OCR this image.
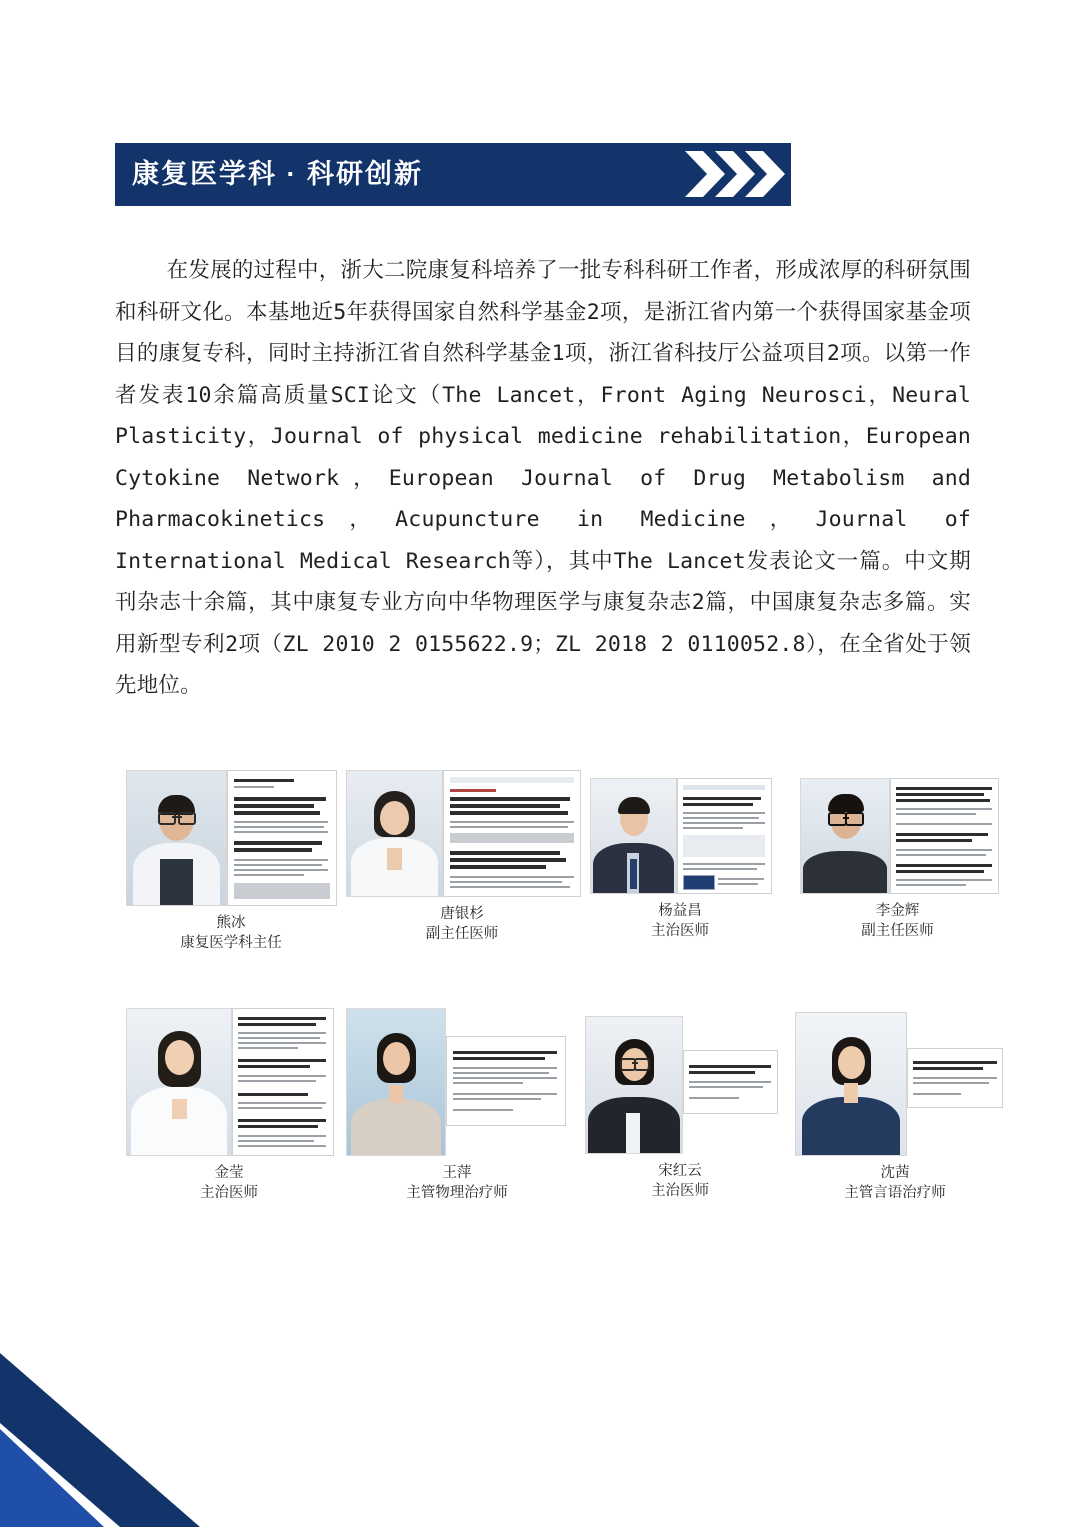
康复医学科 · 科研创新
在发展的过程中，浙大二院康复科培养了一批专科科研工作者，形成浓厚的科研氛围和科研文化。本基地近5年获得国家自然科学基金2项，是浙江省内第一个获得国家基金项目的康复专科，同时主持浙江省自然科学基金1项，浙江省科技厅公益项目2项。以第一作者发表10余篇高质量SCI论文（The Lancet，Front Aging Neurosci，Neural Plasticity，Journal of physical medicine rehabilitation，European Cytokine Network，European Journal of Drug Metabolism and Pharmacokinetics，Acupuncture in Medicine，Journal of International Medical Research等），其中The Lancet发表论文一篇。中文期刊杂志十余篇，其中康复专业方向中华物理医学与康复杂志2篇，中国康复杂志多篇。实用新型专利2项（ZL 2010 2 0155622.9；ZL 2018 2 0110052.8），在全省处于领先地位。
熊冰
康复医学科主任
唐银杉
副主任医师
杨益昌
主治医师
李金辉
副主任医师
金莹
主治医师
王萍
主管物理治疗师
宋红云
主治医师
沈茜
主管言语治疗师
